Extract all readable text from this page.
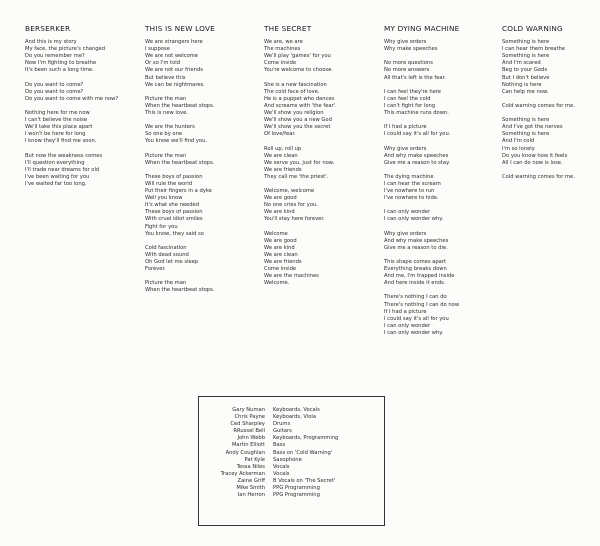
BERSERKER
And this is my story
My face, the picture's changed
Do you remember me?
Now I'm fighting to breathe
It's been such a long time.
Do you want to come?
Do you want to come?
Do you want to come with me now?
Nothing here for me now
I can't believe the noise
We'll take this place apart
I won't be here for long
I know they'll find me soon.
But now the weakness comes
I'll question everything
I'll trade near dreams for old
I've been waiting for you
I've waited far too long.
THIS IS NEW LOVE
We are strangers here
I suppose
We are not welcome
Or so I'm told
We are not our friends
But believe this
We can be nightmares.
Picture the man
When the heartbeat stops.
This is new love.
We are the hunters
So one by one
You know we'll find you.
Picture the man
When the heartbeat stops.
These boys of passion
Will rule the world
Put their fingers in a dyke
Well you know
It's what she needed
These boys of passion
With cruel idiot smiles
Fight for you
You know, they said so
Cold fascination
With dead sound
Oh God let me sleep
Forever.
Picture the man
When the heartbeat stops.
THE SECRET
We are, we are
The machines
We'll play 'games' for you
Come inside
You're welcome to choose.
She is a new fascination
The cold face of love.
He is a puppet who dances
And screams with 'the fear'.
We'll show you religion
We'll show you a new God
We'll show you the secret
Of love/fear.
Roll up, roll up
We are clean
We serve you, just for now.
We are friends
They call me 'the priest'.
Welcome, welcome
We are good
No one cries for you.
We are kind
You'll stay here forever.
Welcome
We are good
We are kind
We are clean
We are friends
Come inside
We are the machines
Welcome.
MY DYING MACHINE
Why give orders
Why make speeches
No more questions
No more answers
All that's left is the fear.
I can feel they're here
I can feel the cold
I can't fight for long
This machine runs down.
If I had a picture
I could say it's all for you.
Why give orders
And why make speeches
Give me a reason to stay.
The dying machine
I can hear the scream
I've nowhere to run
I've nowhere to hide.
I can only wonder
I can only wonder why.
Why give orders
And why make speeches
Give me a reason to die.
This shape comes apart
Everything breaks down
And me, I'm trapped inside
And here inside it ends.
There's nothing I can do
There's nothing I can do now
If I had a picture
I could say it's all for you
I can only wonder
I can only wonder why.
COLD WARNING
Something is here
I can hear them breathe
Something is here
And I'm scared
Beg to your Gods
But I don't believe
Nothing is here
Can help me now.
Cold warning comes for me.
Something is here
And I've got the nerves
Something is here
And I'm cold
I'm so lonely
Do you know how it feels
All I can do now is lose.
Cold warning comes for me.
Gary Numan	Keyboards, Vocals
Chris Payne	Keyboards, Viola
Ced Sharpley	Drums
RRussel Bell	Guitars
John Webb	Keyboards, Programming
Martin Elliott	Bass
Andy Coughlan	Bass on 'Cold Warning'
Pat Kyle	Saxophone
Tessa Niles	Vocals
Tracey Ackerman	Vocals
Zaine Griff	B Vocals on 'The Secret'
Mike Smith	PPG Programming
Ian Herron	PPG Programming
